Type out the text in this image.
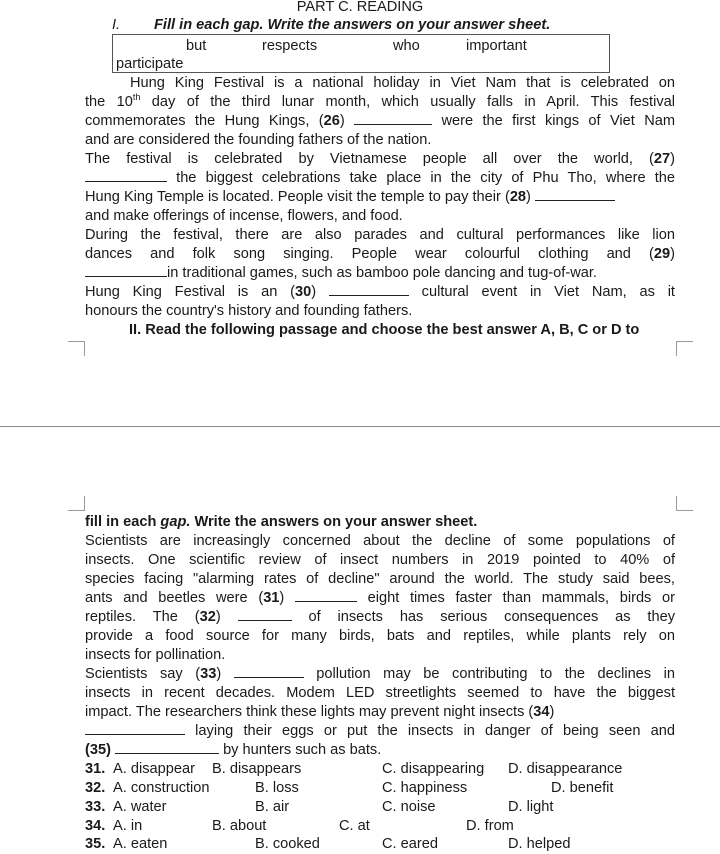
PART C. READING
I. Fill in each gap. Write the answers on your answer sheet.
but	respects	who	important
participate
Hung King Festival is a national holiday in Viet Nam that is celebrated on
the 10th day of the third lunar month, which usually falls in April. This festival
commemorates the Hung Kings, (26)	were the first kings of Viet Nam
and are considered the founding fathers of the nation.
The festival is celebrated by Vietnamese people all over the world, (27)
the biggest celebrations take place in the city of Phu Tho, where the
Hung King Temple is located. People visit the temple to pay their (28)
and make offerings of incense, flowers, and food.
During the festival, there are also parades and cultural performances like lion
dances and folk song singing. People wear colourful clothing and (29)
in traditional games, such as bamboo pole dancing and tug-of-war.
Hung King Festival is an (30)	cultural event in Viet Nam, as it
honours the country's history and founding fathers.
II. Read the following passage and choose the best answer A, B, C or D to
fill in each gap. Write the answers on your answer sheet.
Scientists are increasingly concerned about the decline of some populations of
insects. One scientific review of insect numbers in 2019 pointed to 40% of
species facing "alarming rates of decline" around the world. The study said bees,
ants and beetles were (31)	eight times faster than mammals, birds or
reptiles. The (32)	of insects has serious consequences as they
provide a food source for many birds, bats and reptiles, while plants rely on
insects for pollination.
Scientists say (33)	pollution may be contributing to the declines in
insects in recent decades. Modem LED streetlights seemed to have the biggest
impact. The researchers think these lights may prevent night insects (34)
laying their eggs or put the insects in danger of being seen and
(35)	by hunters such as bats.
31. A. disappear B. disappears	C. disappearing D. disappearance
32. A. construction	B. loss	C. happiness	D. benefit
33. A. water	B. air	C. noise	D. light
34. A. in	B. about	C. at	D. from
35. A. eaten	B. cooked	C. eared	D. helped
